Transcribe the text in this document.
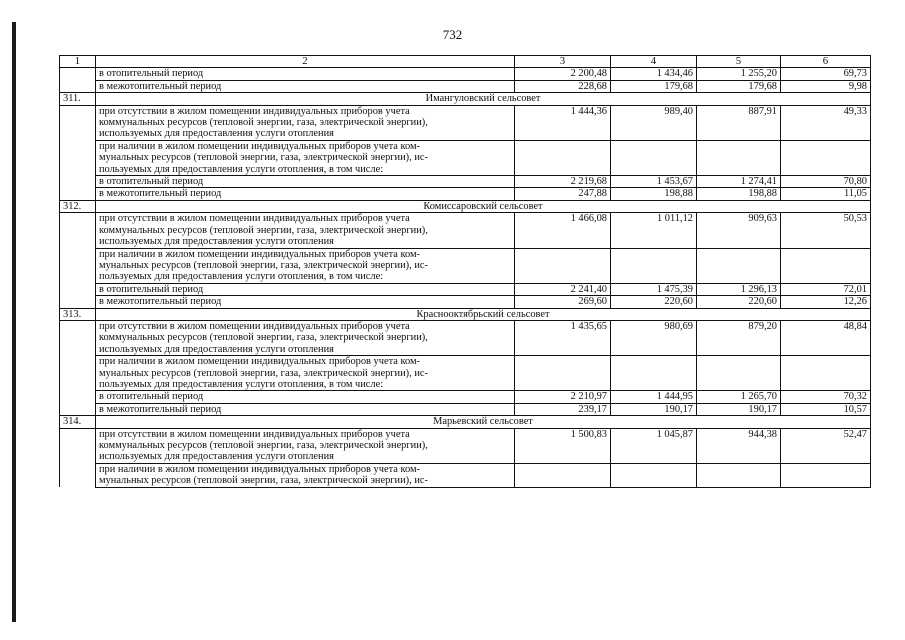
732
1	2	3	4	5	6
	в отопительный период	2 200,48	1 434,46	1 255,20	69,73
	в межотопительный период	228,68	179,68	179,68	9,98
311.	Имангуловский сельсовет				
	при отсутствии в жилом помещении индивидуальных приборов учета	1 444,36	989,40	887,91	49,33
	коммунальных ресурсов (тепловой энергии, газа, электрической энергии),				
	используемых для предоставления услуги отопления				
	при наличии в жилом помещении индивидуальных приборов учета ком-				
	мунальных ресурсов (тепловой энергии, газа, электрической энергии), ис-				
	пользуемых для предоставления услуги отопления, в том числе:				
	в отопительный период	2 219,68	1 453,67	1 274,41	70,80
	в межотопительный период	247,88	198,88	198,88	11,05
312.	Комиссаровский сельсовет				
	при отсутствии в жилом помещении индивидуальных приборов учета	1 466,08	1 011,12	909,63	50,53
	коммунальных ресурсов (тепловой энергии, газа, электрической энергии),				
	используемых для предоставления услуги отопления				
	при наличии в жилом помещении индивидуальных приборов учета ком-				
	мунальных ресурсов (тепловой энергии, газа, электрической энергии), ис-				
	пользуемых для предоставления услуги отопления, в том числе:				
	в отопительный период	2 241,40	1 475,39	1 296,13	72,01
	в межотопительный период	269,60	220,60	220,60	12,26
313.	Краснооктябрьский сельсовет				
	при отсутствии в жилом помещении индивидуальных приборов учета	1 435,65	980,69	879,20	48,84
	коммунальных ресурсов (тепловой энергии, газа, электрической энергии),				
	используемых для предоставления услуги отопления				
	при наличии в жилом помещении индивидуальных приборов учета ком-				
	мунальных ресурсов (тепловой энергии, газа, электрической энергии), ис-				
	пользуемых для предоставления услуги отопления, в том числе:				
	в отопительный период	2 210,97	1 444,95	1 265,70	70,32
	в межотопительный период	239,17	190,17	190,17	10,57
314.	Марьевский сельсовет				
	при отсутствии в жилом помещении индивидуальных приборов учета	1 500,83	1 045,87	944,38	52,47
	коммунальных ресурсов (тепловой энергии, газа, электрической энергии),				
	используемых для предоставления услуги отопления				
	при наличии в жилом помещении индивидуальных приборов учета ком-				
	мунальных ресурсов (тепловой энергии, газа, электрической энергии), ис-				
